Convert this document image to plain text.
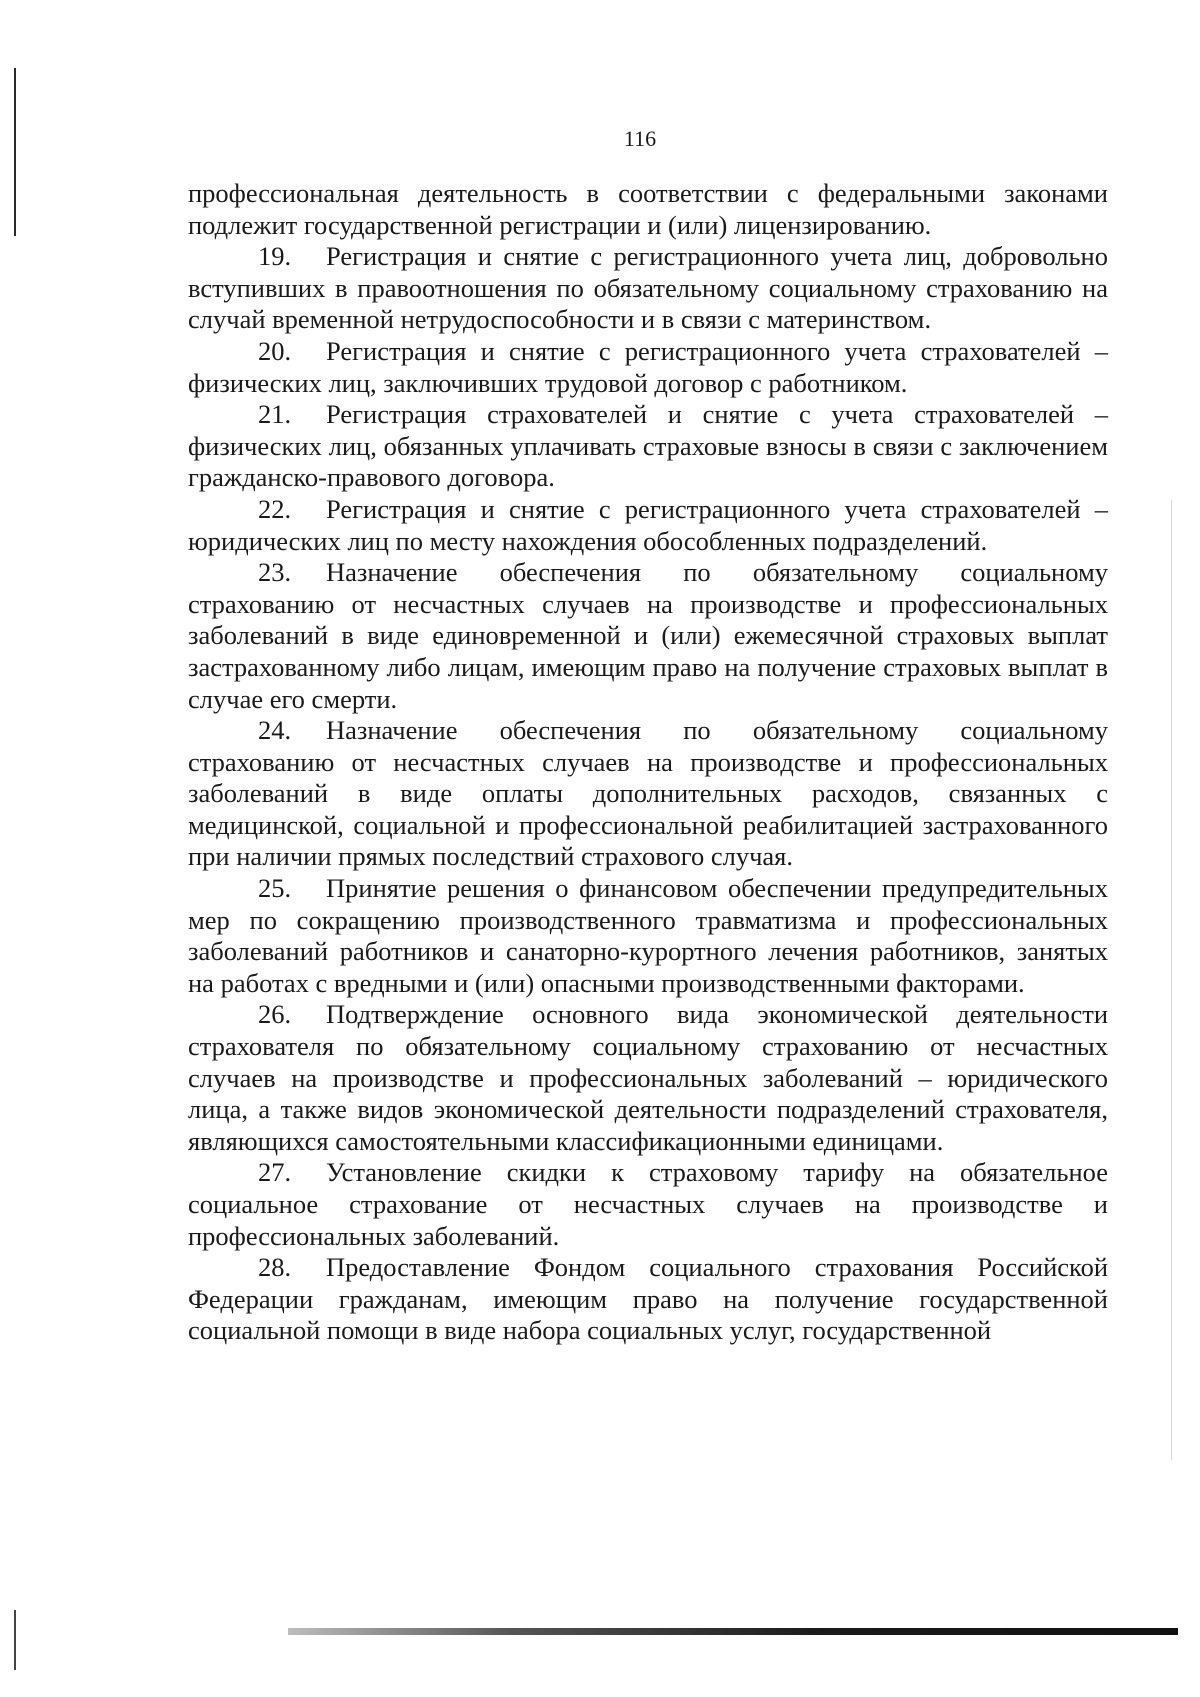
116

профессиональная деятельность в соответствии с федеральными законами подлежит государственной регистрации и (или) лицензированию.

19. Регистрация и снятие с регистрационного учета лиц, добровольно вступивших в правоотношения по обязательному социальному страхованию на случай временной нетрудоспособности и в связи с материнством.

20. Регистрация и снятие с регистрационного учета страхователей – физических лиц, заключивших трудовой договор с работником.

21. Регистрация страхователей и снятие с учета страхователей – физических лиц, обязанных уплачивать страховые взносы в связи с заключением гражданско-правового договора.

22. Регистрация и снятие с регистрационного учета страхователей – юридических лиц по месту нахождения обособленных подразделений.

23. Назначение обеспечения по обязательному социальному страхованию от несчастных случаев на производстве и профессиональных заболеваний в виде единовременной и (или) ежемесячной страховых выплат застрахованному либо лицам, имеющим право на получение страховых выплат в случае его смерти.

24. Назначение обеспечения по обязательному социальному страхованию от несчастных случаев на производстве и профессиональных заболеваний в виде оплаты дополнительных расходов, связанных с медицинской, социальной и профессиональной реабилитацией застрахованного при наличии прямых последствий страхового случая.

25. Принятие решения о финансовом обеспечении предупредительных мер по сокращению производственного травматизма и профессиональных заболеваний работников и санаторно-курортного лечения работников, занятых на работах с вредными и (или) опасными производственными факторами.

26. Подтверждение основного вида экономической деятельности страхователя по обязательному социальному страхованию от несчастных случаев на производстве и профессиональных заболеваний – юридического лица, а также видов экономической деятельности подразделений страхователя, являющихся самостоятельными классификационными единицами.

27. Установление скидки к страховому тарифу на обязательное социальное страхование от несчастных случаев на производстве и профессиональных заболеваний.

28. Предоставление Фондом социального страхования Российской Федерации гражданам, имеющим право на получение государственной социальной помощи в виде набора социальных услуг, государственной
